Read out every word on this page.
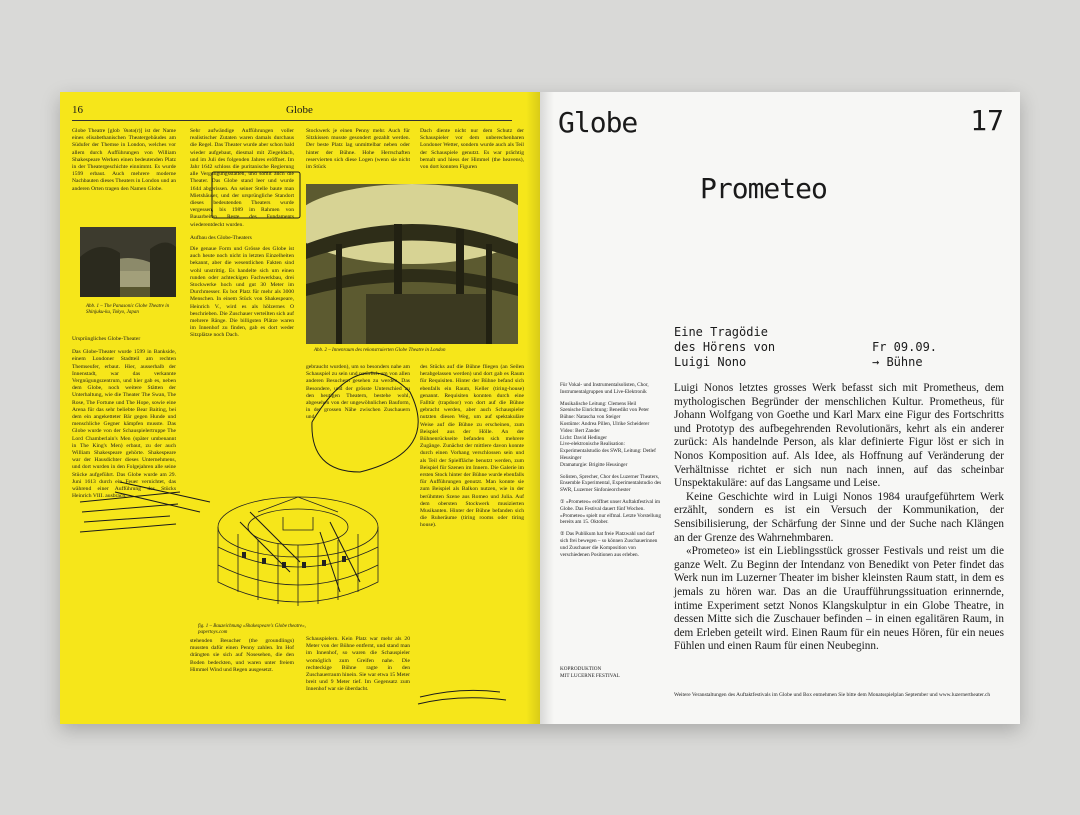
16	Globe
Globe Theatre [glob ˈθɪətə(r)] ist der Name eines elisabethanischen Theatergebäudes am Südufer der Themse in London, welches vor allem durch Aufführungen von William Shakespeare Werken einen bedeutenden Platz in der Theatergeschichte einnimmt. Es wurde 1599 erbaut. Auch mehrere moderne Nachbauten dieses Theaters in London und an anderen Orten tragen den Namen Globe.
Abb. 1 – The Panasonic Globe Theatre in Shinjuku-ku, Tokyo, Japan
Ursprüngliches Globe-Theater
Das Globe-Theater wurde 1599 in Bankside, einem Londoner Stadtteil am rechten Themseufer, erbaut. Hier, ausserhalb der Innenstadt, war das verkannte Vergnügungszentrum, und hier gab es, neben dem Globe, noch weitere Stätten der Unterhaltung, wie die Theater The Swan, The Rose, The Fortune und The Hope, sowie eine Arena für das sehr beliebte Bear Baiting, bei dem ein angeketteter Bär gegen Hunde und menschliche Gegner kämpfen musste. Das Globe wurde von der Schauspielertruppe The Lord Chamberlain's Men (später umbenannt in The King's Men) erbaut, zu der auch William Shakespeare gehörte. Shakespeare war der Hausdichter dieses Unternehmens, und dort wurden in den Folgejahren alle seine Stücke aufgeführt. Das Globe wurde am 29. Juni 1613 durch ein Feuer vernichtet, das während einer Aufführung des Stücks Heinrich VIII. ausbrach.
Sehr aufwändige Aufführungen voller realistischer Zutaten waren damals durchaus die Regel. Das Theater wurde aber schon bald wieder aufgebaut, diesmal mit Ziegeldach, und im Juli des folgenden Jahres eröffnet. Im Jahr 1642 schloss die puritanische Regierung alle Vergnügungsstätten, und somit auch die Theater. Das Globe stand leer und wurde 1644 abgerissen. An seiner Stelle baute man Mietshäuser, und der ursprüngliche Standort dieses bedeutenden Theaters wurde vergessen, bis 1989 im Rahmen von Bauarbeiten Reste des Fundaments wiederentdeckt wurden.
Aufbau des Globe-Theaters
Die genaue Form und Grösse des Globe ist auch heute noch nicht in letzten Einzelheiten bekannt, aber die wesentlichen Fakten sind wohl unstrittig. Es handelte sich um einen runden oder achteckigen Fachwerkbau, drei Stockwerke hoch und gut 30 Meter im Durchmesser. Es bot Platz für mehr als 3000 Menschen. In einem Stück von Shakespeare, Heinrich V., wird es als hölzernes O beschrieben. Die Zuschauer verteilten sich auf mehrere Ränge. Die billigsten Plätze waren im Innenhof zu finden, gab es dort weder Sitzplätze noch Dach.
fig. 1 – Bauzeichnung «Shakespeare's Globe theatre», papertoys.com
stehenden Besucher (the groundlings) mussten dafür einen Penny zahlen. Im Hof drängten sie sich auf Nosesehen, die den Boden bedeckten, und waren unter freiem Himmel Wind und Regen ausgesetzt.
Stockwerk je einen Penny mehr. Auch für Sitzkissen musste gesondert gezahlt werden. Der beste Platz lag unmittelbar neben oder hinter der Bühne. Hohe Herrschaften reservierten sich diese Logen (wenn sie nicht im Stück
Abb. 2 – Innenraum des rekonstruierten Globe Theatre in London
gebraucht wurden), um so besonders nahe am Schauspiel zu sein und natürlich um von allen anderen Besuchern gesehen zu werden. Das Besondere, und der grösste Unterschied zu den heutigen Theatern, bestehe wohl, abgesehen von der ungewöhnlichen Bauform, in der grossen Nähe zwischen Zuschauern und
Schauspielern. Kein Platz war mehr als 20 Meter von der Bühne entfernt, und stand man im Innenhof, so waren die Schauspieler womöglich zum Greifen nahe. Die rechteckige Bühne ragte in den Zuschauerraum hinein. Sie war etwa 15 Meter breit und 9 Meter tief. Im Gegensatz zum Innenhof war sie überdacht.
Dach diente nicht nur dem Schutz der Schauspieler vor dem unberechenbaren Londoner Wetter, sondern wurde auch als Teil der Schauspiele genutzt. Es war prächtig bemalt und hiess der Himmel (the heavens), von dort konnten Figuren
des Stücks auf die Bühne fliegen (an Seilen herabgelassen werden) und dort gab es Raum für Requisiten. Hinter der Bühne befand sich ebenfalls ein Raum, Keller (tiring-house) genannt. Requisiten konnten durch eine Falltür (trapdoor) von dort auf die Bühne gebracht werden, aber auch Schauspieler nutzten diesen Weg, um auf spektakuläre Weise auf die Bühne zu erscheinen, zum Beispiel aus der Hölle. An der Bühnenrückseite befanden sich mehrere Zugänge. Zunächst der mittlere davon konnte durch einen Vorhang verschlossen sein und als Teil der Spielfläche benutzt werden, zum Beispiel für Szenen im Innern. Die Galerie im ersten Stock hinter der Bühne wurde ebenfalls für Aufführungen genutzt. Man konnte sie zum Beispiel als Balkon nutzen, wie in der berühmten Szene aus Romeo und Julia. Auf dem obersten Stockwerk musizierten Musikanten. Hinter der Bühne befanden sich die Ruheräume (tiring rooms oder tiring house).
Globe	17
Prometeo
Eine Tragödie
des Hörens von
Luigi Nono
Fr 09.09.
→ Bühne

Für Vokal- und Instrumentalsolisten, Chor, Instrumentalgruppen und Live-Elektronik

Musikalische Leitung: Clemens Heil
Szenische Einrichtung: Benedikt von Peter
Bühne: Natascha von Steiger
Kostüme: Andrea Pillen, Ulrike Scheiderer
Video: Bert Zander
Licht: David Hedinger
Live-elektronische Realisation: Experimentalstudio des SWR, Leitung: Detlef Heusinger
Dramaturgie: Brigitte Heusinger

Solisten, Sprecher, Chor des Luzerner Theaters, Ensemble Experimental, Experimentalstudio des SWR, Luzerner Sinfonieorchester

① «Prometeo» eröffnet unser Auftaktfestival im Globe. Das Festival dauert fünf Wochen. «Prometeo» spielt nur elfmal. Letzte Vorstellung bereits am 15. Oktober.

② Das Publikum hat freie Platzwahl und darf sich frei bewegen – so können Zuschauerinnen und Zuschauer die Komposition von verschiedenen Positionen aus erleben.

KOPRODUKTION
MIT LUCERNE FESTIVAL

Luigi Nonos letztes grosses Werk befasst sich mit Prometheus, dem mythologischen Begründer der menschlichen Kultur. Prometheus, für Johann Wolfgang von Goethe und Karl Marx eine Figur des Fortschritts und Prototyp des aufbegehrenden Revolutionärs, kehrt als ein anderer zurück: Als handelnde Person, als klar definierte Figur löst er sich in Nonos Komposition auf. Als Idee, als Hoffnung auf Veränderung der Verhältnisse richtet er sich nun nach innen, auf das scheinbar Unspektakuläre: auf das Langsame und Leise.

Keine Geschichte wird in Luigi Nonos 1984 uraufgeführtem Werk erzählt, sondern es ist ein Versuch der Kommunikation, der Sensibilisierung, der Schärfung der Sinne und der Suche nach Klängen an der Grenze des Wahrnehmbaren.

«Prometeo» ist ein Lieblingsstück grosser Festivals und reist um die ganze Welt. Zu Beginn der Intendanz von Benedikt von Peter findet das Werk nun im Luzerner Theater im bisher kleinsten Raum statt, in dem es jemals zu hören war. Das an die Uraufführungssituation erinnernde, intime Experiment setzt Nonos Klangskulptur in ein Globe Theatre, in dessen Mitte sich die Zuschauer befinden – in einen egalitären Raum, in dem Erleben geteilt wird. Einen Raum für ein neues Hören, für ein neues Fühlen und einen Raum für einen Neubeginn.

Weitere Veranstaltungen des Auftaktfestivals im Globe und Box entnehmen Sie bitte dem Monatsspielplan September und www.luzernertheater.ch
